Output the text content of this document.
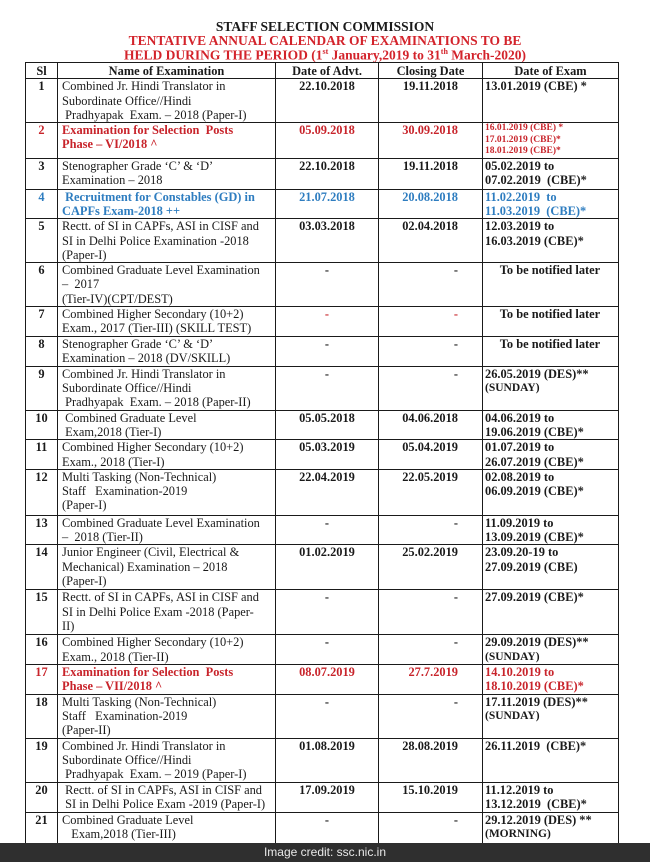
STAFF SELECTION COMMISSION
TENTATIVE ANNUAL CALENDAR OF EXAMINATIONS TO BE
HELD DURING THE PERIOD (1st January,2019 to 31th March-2020)
Sl	Name of Examination	Date of Advt.	Closing Date	Date of Exam
1	Combined Jr. Hindi Translator in
Subordinate Office//Hindi
Pradhyapak  Exam. – 2018 (Paper-I)	22.10.2018	19.11.2018	13.01.2019 (CBE) *

2	Examination for Selection  Posts
Phase – VI/2018 ^
	05.09.2018	30.09.2018	16.01.2019 (CBE) *
17.01.2019 (CBE)*
18.01.2019 (CBE)*

3	Stenographer Grade ‘C’ & ‘D’
Examination – 2018
	22.10.2018	19.11.2018	05.02.2019 to
07.02.2019  (CBE)*

4	Recruitment for Constables (GD) in
CAPFs Exam-2018 ++
	21.07.2018	20.08.2018	11.02.2019  to
11.03.2019  (CBE)*

5	Rectt. of SI in CAPFs, ASI in CISF and
SI in Delhi Police Examination -2018
(Paper-I)
	03.03.2018	02.04.2018	12.03.2019 to
16.03.2019 (CBE)*

6	Combined Graduate Level Examination
–  2017
(Tier-IV)(CPT/DEST)	-	-	To be notified later

7	Combined Higher Secondary (10+2)
Exam., 2017 (Tier-III) (SKILL TEST)	-	-	To be notified later

8	Stenographer Grade ‘C’ & ‘D’
Examination – 2018 (DV/SKILL)	-	-	To be notified later

9	Combined Jr. Hindi Translator in
Subordinate Office//Hindi
Pradhyapak  Exam. – 2018 (Paper-II)
	-	-	26.05.2019 (DES)**
(SUNDAY)

10	Combined Graduate Level
Exam,2018 (Tier-I)
	05.05.2018	04.06.2018	04.06.2019 to
19.06.2019 (CBE)*

11	Combined Higher Secondary (10+2)
Exam., 2018 (Tier-I)
	05.03.2019	05.04.2019	01.07.2019 to
26.07.2019 (CBE)*

12	Multi Tasking (Non-Technical)
Staff   Examination-2019
(Paper-I)
	22.04.2019	22.05.2019	02.08.2019 to
06.09.2019 (CBE)*

13	Combined Graduate Level Examination
–  2018 (Tier-II)
	-	-	11.09.2019 to
13.09.2019 (CBE)*

14	Junior Engineer (Civil, Electrical &
Mechanical) Examination – 2018
(Paper-I)
	01.02.2019	25.02.2019	23.09.20-19 to
27.09.2019 (CBE)

15	Rectt. of SI in CAPFs, ASI in CISF and
SI in Delhi Police Exam -2018 (Paper-
II)	-	-	27.09.2019 (CBE)*

16	Combined Higher Secondary (10+2)
Exam., 2018 (Tier-II)
	-	-	29.09.2019 (DES)**
(SUNDAY)

17	Examination for Selection  Posts
Phase – VII/2018 ^
	08.07.2019	27.7.2019	14.10.2019 to
18.10.2019 (CBE)*

18	Multi Tasking (Non-Technical)
Staff   Examination-2019
(Paper-II)
	-	-	17.11.2019 (DES)**
(SUNDAY)

19	Combined Jr. Hindi Translator in
Subordinate Office//Hindi
Pradhyapak  Exam. – 2019 (Paper-I)	01.08.2019	28.08.2019	26.11.2019  (CBE)*

20	Rectt. of SI in CAPFs, ASI in CISF and
SI in Delhi Police Exam -2019 (Paper-I)
	17.09.2019	15.10.2019	11.12.2019 to
13.12.2019  (CBE)*

21	Combined Graduate Level
Exam,2018 (Tier-III)
	-	-	29.12.2019 (DES) **
(MORNING)
Image credit: ssc.nic.in
